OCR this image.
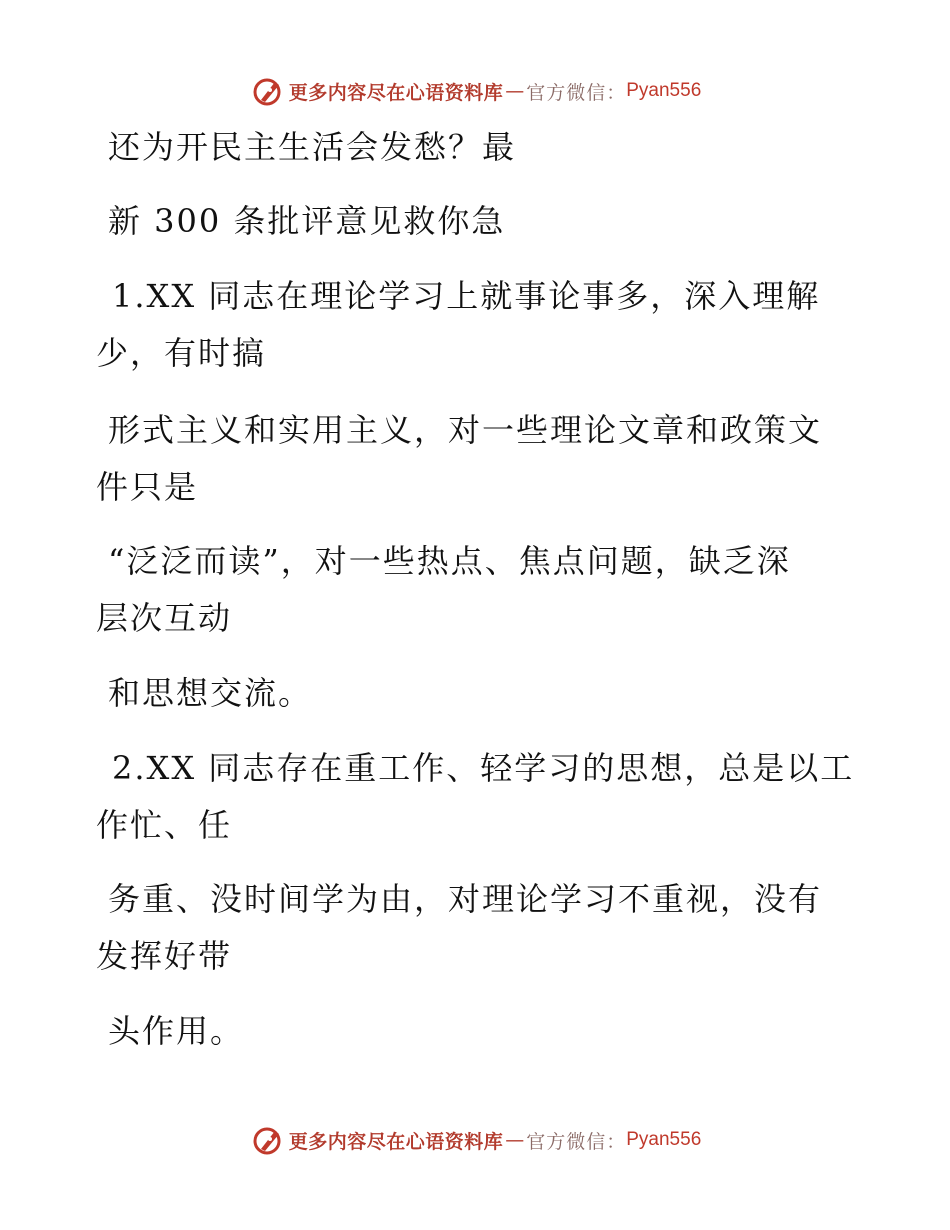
更多内容尽在心语资料库 — 官方微信： Pyan556
还为开民主生活会发愁？最
新 300 条批评意见救你急
1.XX 同志在理论学习上就事论事多，深入理解
少，有时搞
形式主义和实用主义，对一些理论文章和政策文
件只是
“泛泛而读”，对一些热点、焦点问题，缺乏深
层次互动
和思想交流。
2.XX 同志存在重工作、轻学习的思想，总是以工
作忙、任
务重、没时间学为由，对理论学习不重视，没有
发挥好带
头作用。
更多内容尽在心语资料库 — 官方微信： Pyan556
